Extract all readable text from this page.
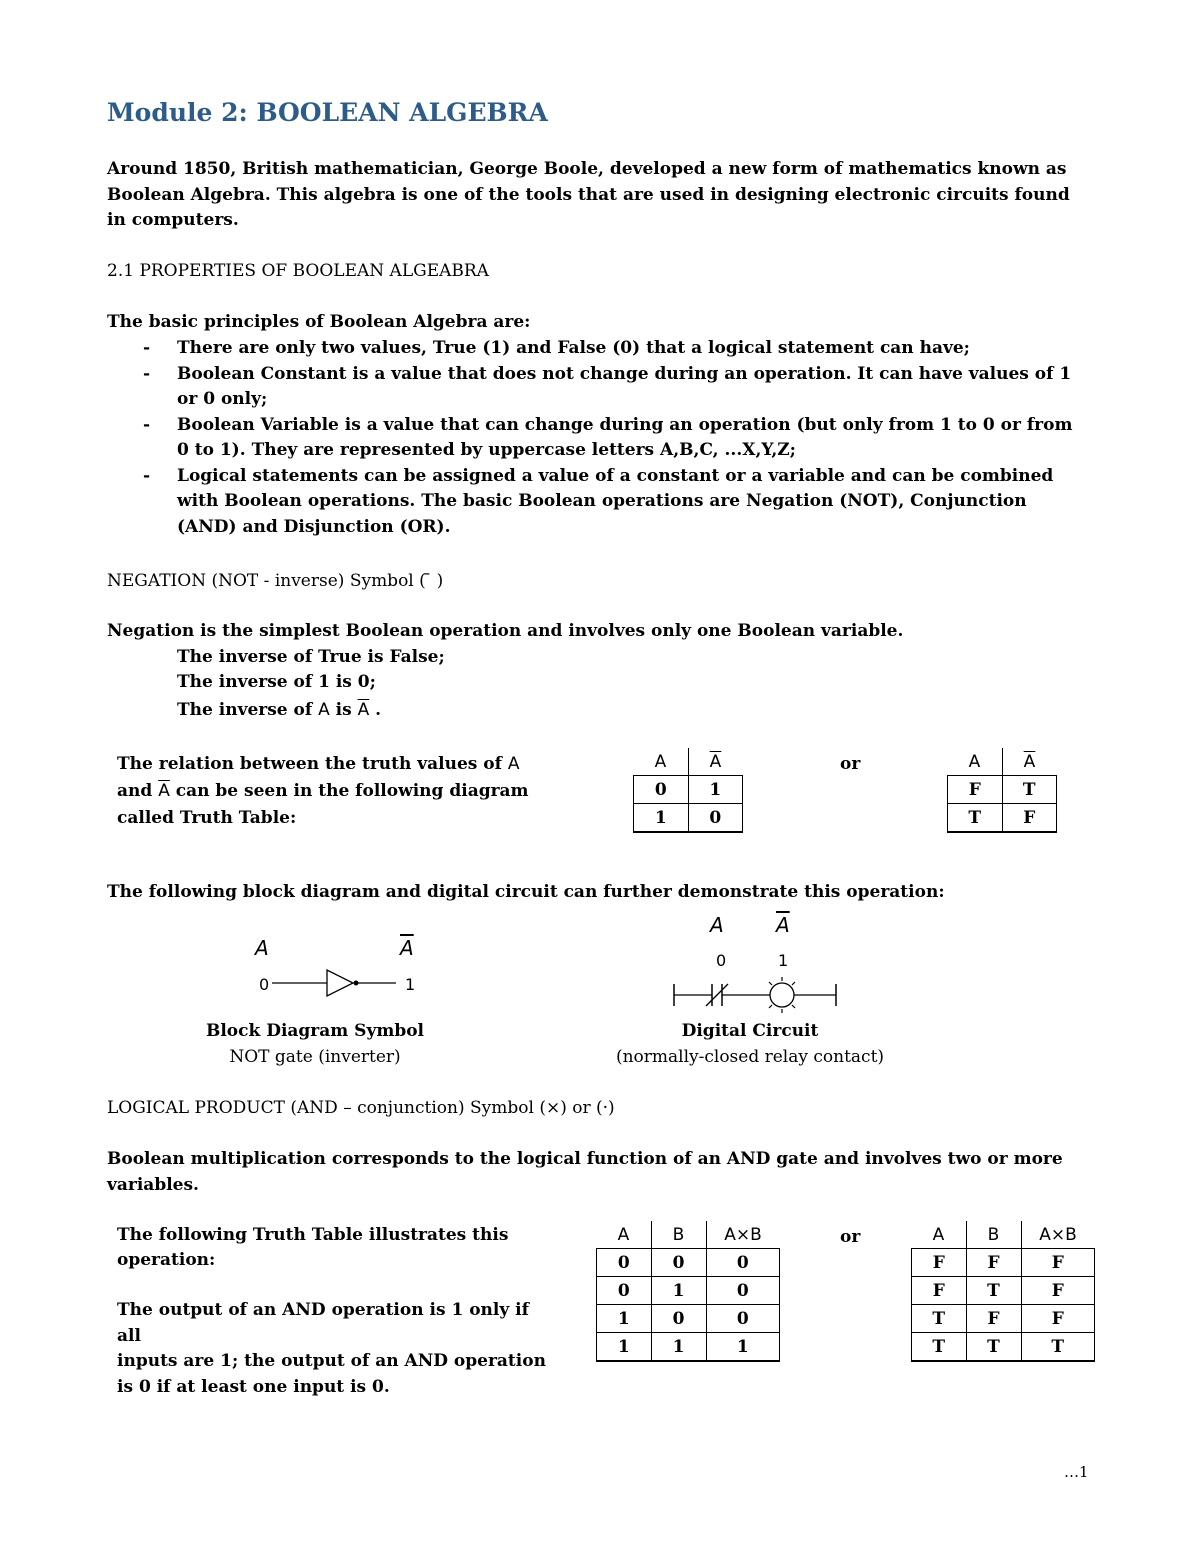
Module 2: BOOLEAN ALGEBRA
Around 1850, British mathematician, George Boole, developed a new form of mathematics known as Boolean Algebra. This algebra is one of the tools that are used in designing electronic circuits found in computers.
2.1 PROPERTIES OF BOOLEAN ALGEABRA
The basic principles of Boolean Algebra are:
- There are only two values, True (1) and False (0) that a logical statement can have;
- Boolean Constant is a value that does not change during an operation. It can have values of 1 or 0 only;
- Boolean Variable is a value that can change during an operation (but only from 1 to 0 or from 0 to 1). They are represented by uppercase letters A,B,C, ...X,Y,Z;
- Logical statements can be assigned a value of a constant or a variable and can be combined with Boolean operations. The basic Boolean operations are Negation (NOT), Conjunction (AND) and Disjunction (OR).
NEGATION (NOT - inverse) Symbol ( ̄ )
Negation is the simplest Boolean operation and involves only one Boolean variable.
The inverse of True is False;
The inverse of 1 is 0;
The inverse of A is $\overline{A}$ .
The relation between the truth values of A
and $\overline{A}$ can be seen in the following diagram
called Truth Table:
A	$\overline{A}$
0	1
1	0
or	A	$\overline{A}$
F	T
T	F
The following block diagram and digital circuit can further demonstrate this operation:
A	$\overline{A}$
0	1
Block Diagram Symbol
NOT gate (inverter)
A	$\overline{A}$
0	1
Digital Circuit
(normally-closed relay contact)
LOGICAL PRODUCT (AND – conjunction) Symbol (×) or (·)
Boolean multiplication corresponds to the logical function of an AND gate and involves two or more variables.
The following Truth Table illustrates this
operation:
The output of an AND operation is 1 only if all
inputs are 1; the output of an AND operation
is 0 if at least one input is 0.
A	B	A×B
0	0	0
0	1	0
1	0	0
1	1	1
or	A	B	A×B
F	F	F
F	T	F
T	F	F
T	T	T
…1
